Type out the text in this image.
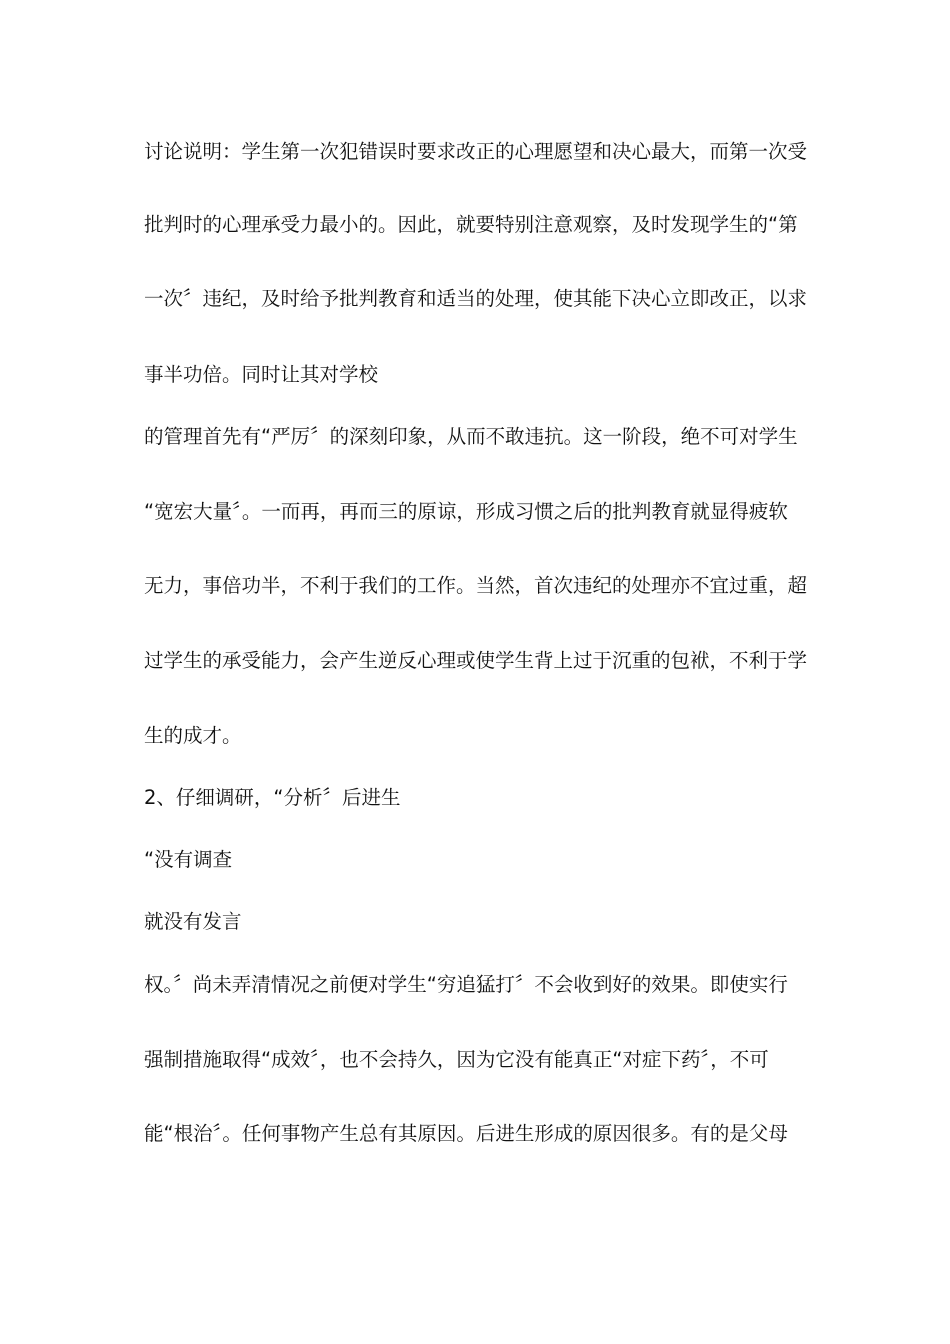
讨论说明：学生第一次犯错误时要求改正的心理愿望和决心最大，而第一次受
批判时的心理承受力最小的。因此，就要特别注意观察，及时发现学生的“第
一次〞违纪，及时给予批判教育和适当的处理，使其能下决心立即改正，以求
事半功倍。同时让其对学校
的管理首先有“严厉〞的深刻印象，从而不敢违抗。这一阶段，绝不可对学生
“宽宏大量〞。一而再，再而三的原谅，形成习惯之后的批判教育就显得疲软
无力，事倍功半，不利于我们的工作。当然，首次违纪的处理亦不宜过重，超
过学生的承受能力，会产生逆反心理或使学生背上过于沉重的包袱，不利于学
生的成才。
2、仔细调研，“分析〞后进生
“没有调查
就没有发言
权。〞尚未弄清情况之前便对学生“穷追猛打〞不会收到好的效果。即使实行
强制措施取得“成效〞，也不会持久，因为它没有能真正“对症下药〞，不可
能“根治〞。任何事物产生总有其原因。后进生形成的原因很多。有的是父母
